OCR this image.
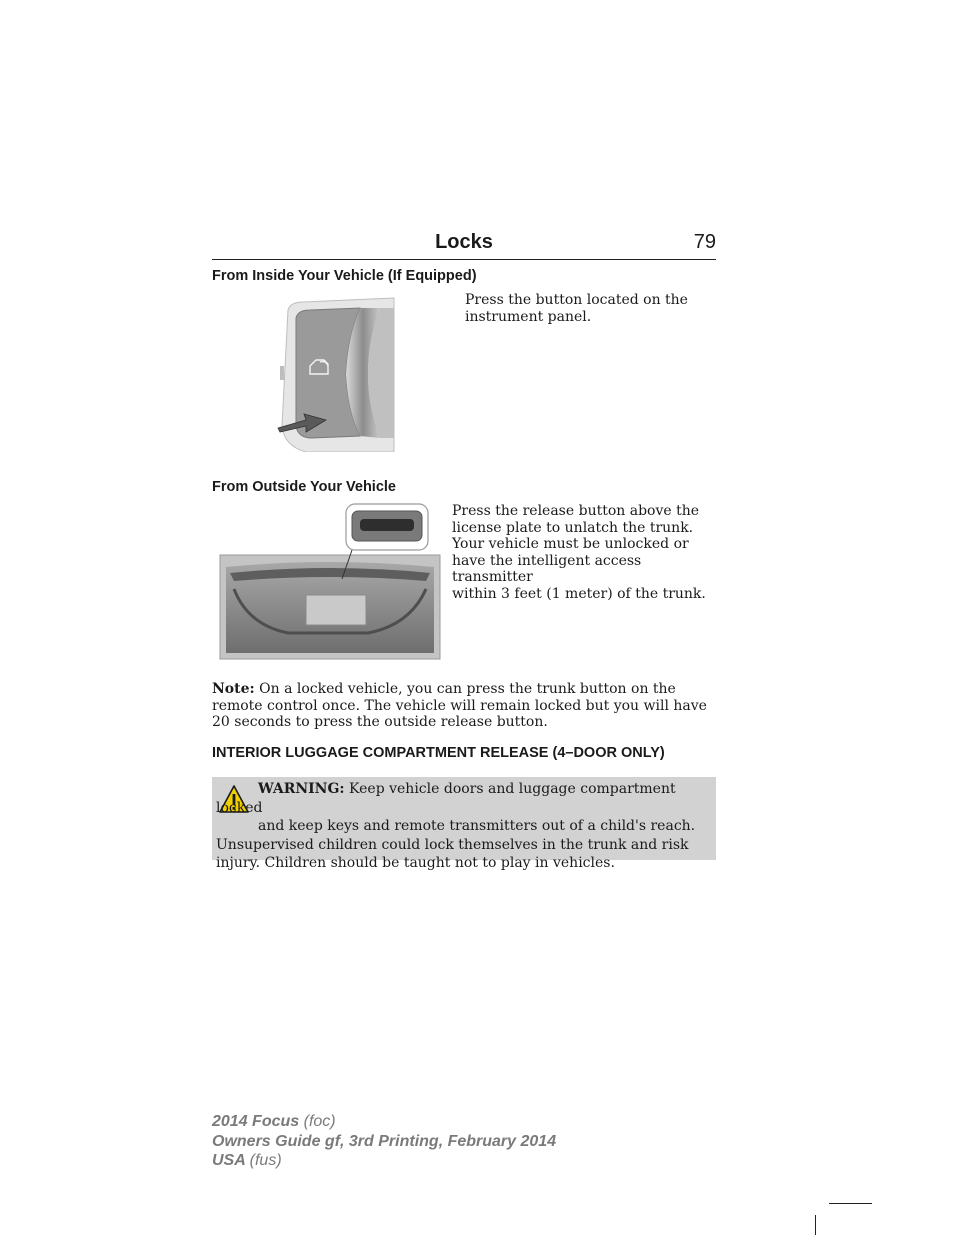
Locks	79
From Inside Your Vehicle (If Equipped)
Press the button located on the
instrument panel.
From Outside Your Vehicle
Press the release button above the
license plate to unlatch the trunk.
Your vehicle must be unlocked or
have the intelligent access transmitter
within 3 feet (1 meter) of the trunk.
Note: On a locked vehicle, you can press the trunk button on the
remote control once. The vehicle will remain locked but you will have
20 seconds to press the outside release button.
INTERIOR LUGGAGE COMPARTMENT RELEASE (4–DOOR ONLY)
WARNING: Keep vehicle doors and luggage compartment locked
and keep keys and remote transmitters out of a child's reach.
Unsupervised children could lock themselves in the trunk and risk
injury. Children should be taught not to play in vehicles.
2014 Focus (foc)
Owners Guide gf, 3rd Printing, February 2014
USA (fus)
